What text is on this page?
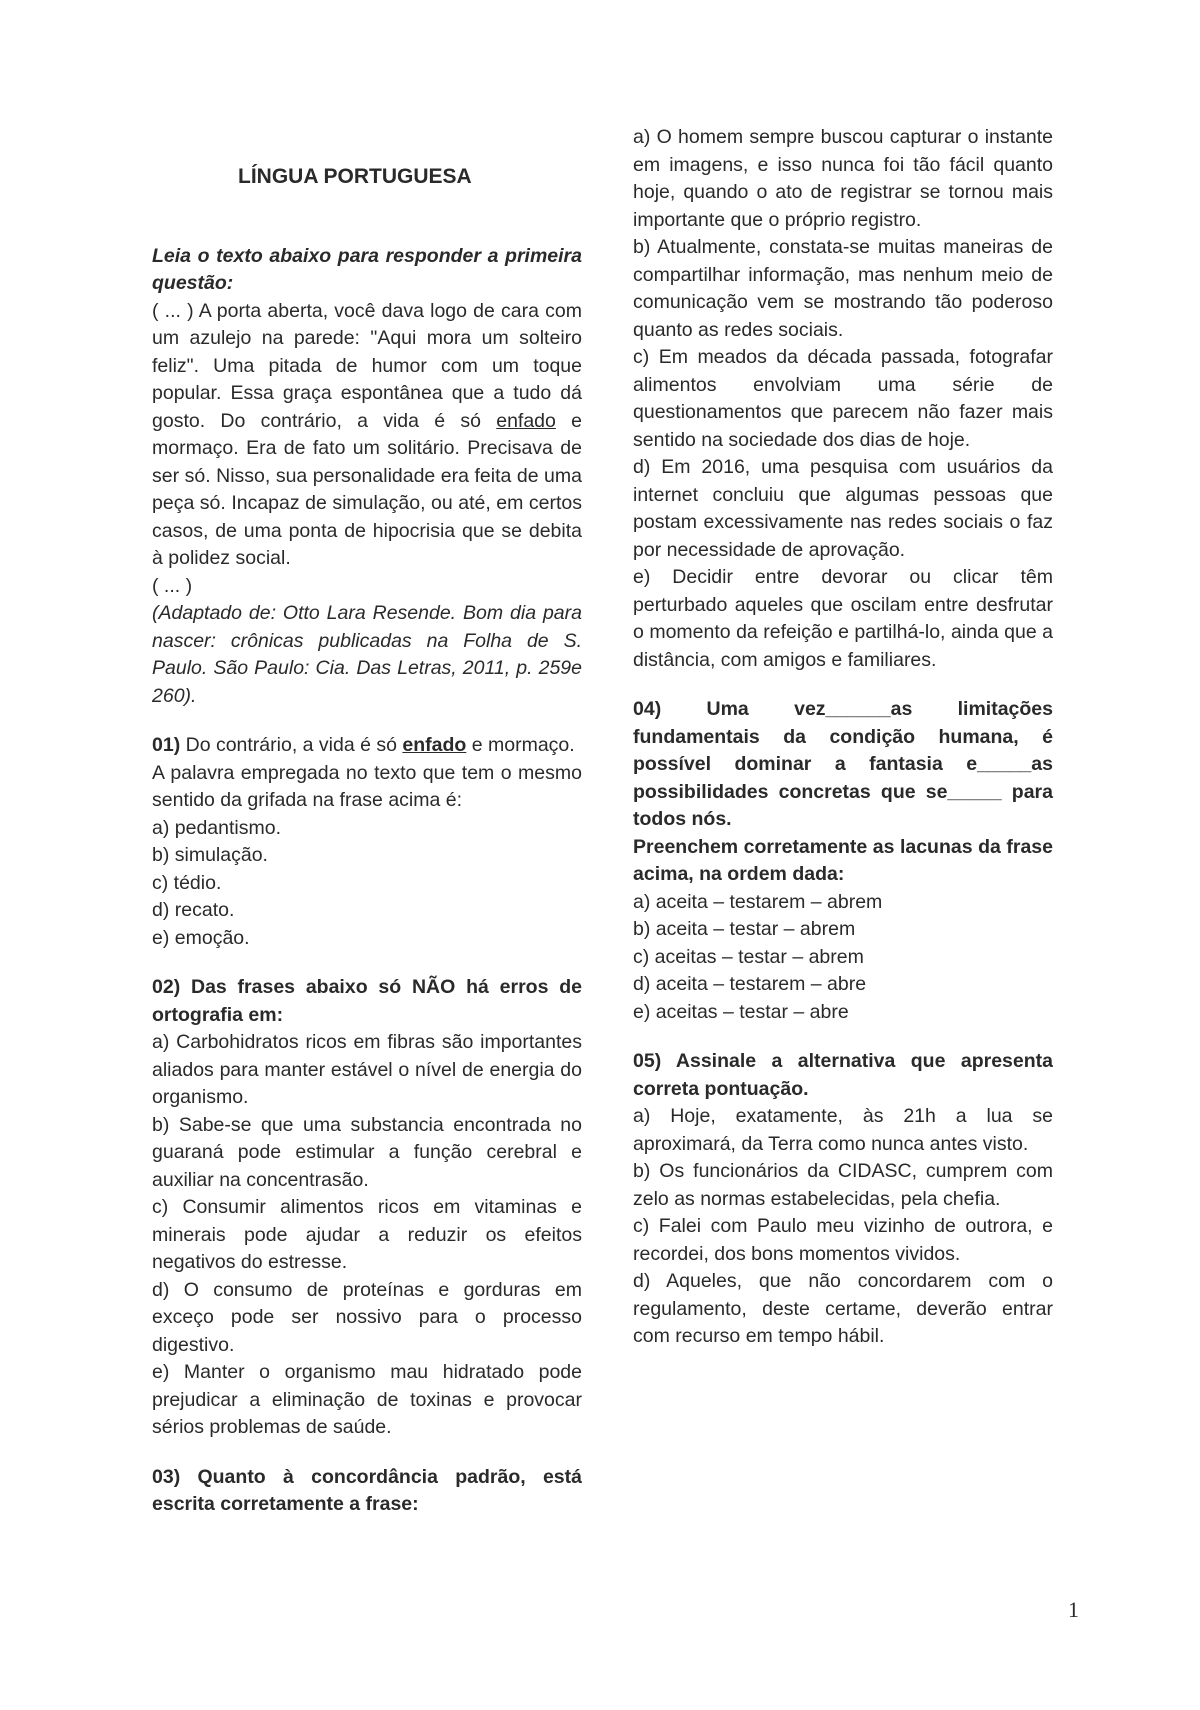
LÍNGUA PORTUGUESA

Leia o texto abaixo para responder a primeira questão:

( ... ) A porta aberta, você dava logo de cara com um azulejo na parede: "Aqui mora um solteiro feliz". Uma pitada de humor com um toque popular. Essa graça espontânea que a tudo dá gosto. Do contrário, a vida é só enfado e mormaço. Era de fato um solitário. Precisava de ser só. Nisso, sua personalidade era feita de uma peça só. Incapaz de simulação, ou até, em certos casos, de uma ponta de hipocrisia que se debita à polidez social.

( ... )

(Adaptado de: Otto Lara Resende. Bom dia para nascer: crônicas publicadas na Folha de S. Paulo. São Paulo: Cia. Das Letras, 2011, p. 259e 260).

01) Do contrário, a vida é só enfado e mormaço.

A palavra empregada no texto que tem o mesmo sentido da grifada na frase acima é:

a) pedantismo.

b) simulação.

c) tédio.

d) recato.

e) emoção.

02) Das frases abaixo só NÃO há erros de ortografia em:

a) Carbohidratos ricos em fibras são importantes aliados para manter estável o nível de energia do organismo.

b) Sabe-se que uma substancia encontrada no guaraná pode estimular a função cerebral e auxiliar na concentrasão.

c) Consumir alimentos ricos em vitaminas e minerais pode ajudar a reduzir os efeitos negativos do estresse.

d) O consumo de proteínas e gorduras em exceço pode ser nossivo para o processo digestivo.

e) Manter o organismo mau hidratado pode prejudicar a eliminação de toxinas e provocar sérios problemas de saúde.

03) Quanto à concordância padrão, está escrita corretamente a frase:

a) O homem sempre buscou capturar o instante em imagens, e isso nunca foi tão fácil quanto hoje, quando o ato de registrar se tornou mais importante que o próprio registro.

b) Atualmente, constata-se muitas maneiras de compartilhar informação, mas nenhum meio de comunicação vem se mostrando tão poderoso quanto as redes sociais.

c) Em meados da década passada, fotografar alimentos envolviam uma série de questionamentos que parecem não fazer mais sentido na sociedade dos dias de hoje.

d) Em 2016, uma pesquisa com usuários da internet concluiu que algumas pessoas que postam excessivamente nas redes sociais o faz por necessidade de aprovação.

e) Decidir entre devorar ou clicar têm perturbado aqueles que oscilam entre desfrutar o momento da refeição e partilhá-lo, ainda que a distância, com amigos e familiares.

04) Uma vez______as limitações fundamentais da condição humana, é possível dominar a fantasia e_____as possibilidades concretas que se_____ para todos nós.

Preenchem corretamente as lacunas da frase acima, na ordem dada:

a) aceita – testarem – abrem

b) aceita – testar – abrem

c) aceitas – testar – abrem

d) aceita – testarem – abre

e) aceitas – testar – abre

05) Assinale a alternativa que apresenta correta pontuação.

a) Hoje, exatamente, às 21h a lua se aproximará, da Terra como nunca antes visto.

b) Os funcionários da CIDASC, cumprem com zelo as normas estabelecidas, pela chefia.

c) Falei com Paulo meu vizinho de outrora, e recordei, dos bons momentos vividos.

d) Aqueles, que não concordarem com o regulamento, deste certame, deverão entrar com recurso em tempo hábil.

1
